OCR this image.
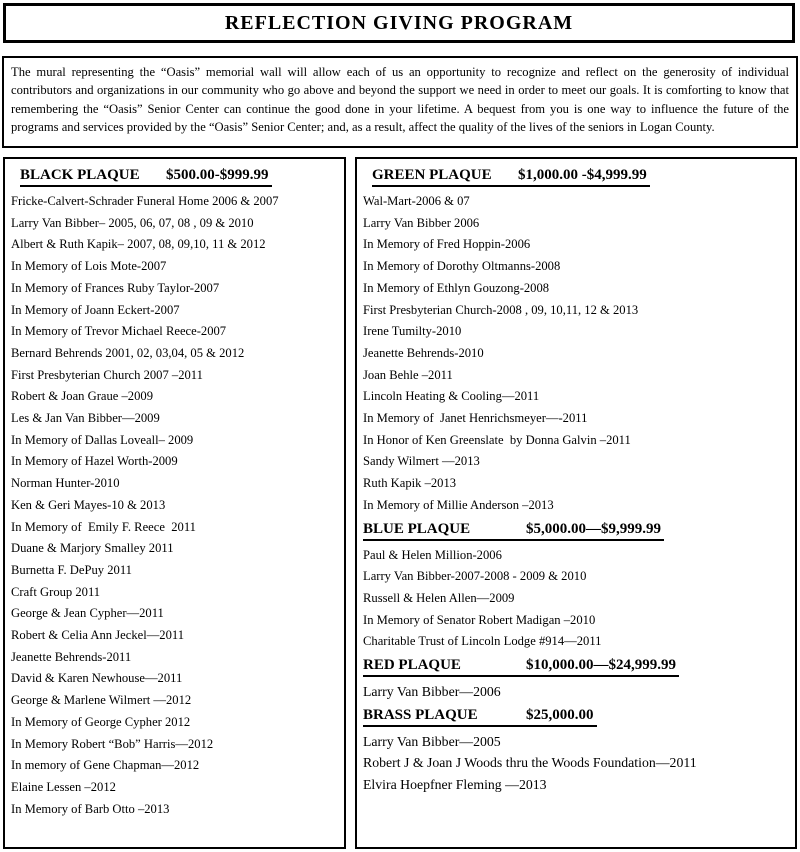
REFLECTION GIVING PROGRAM

The mural representing the “Oasis” memorial wall will allow each of us an opportunity to recognize and reflect on the generosity of individual contributors and organizations in our community who go above and beyond the support we need in order to meet our goals. It is comforting to know that remembering the “Oasis” Senior Center can continue the good done in your lifetime. A bequest from you is one way to influence the future of the programs and services provided by the “Oasis” Senior Center; and, as a result, affect the quality of the lives of the seniors in Logan County.

BLACK PLAQUE	$500.00-$999.99
Fricke-Calvert-Schrader Funeral Home 2006 & 2007
Larry Van Bibber– 2005, 06, 07, 08 , 09 & 2010
Albert & Ruth Kapik– 2007, 08, 09,10, 11 & 2012
In Memory of Lois Mote-2007
In Memory of Frances Ruby Taylor-2007
In Memory of Joann Eckert-2007
In Memory of Trevor Michael Reece-2007
Bernard Behrends 2001, 02, 03,04, 05 & 2012
First Presbyterian Church 2007 –2011
Robert & Joan Graue –2009
Les & Jan Van Bibber—2009
In Memory of Dallas Loveall– 2009
In Memory of Hazel Worth-2009
Norman Hunter-2010
Ken & Geri Mayes-10 & 2013
In Memory of  Emily F. Reece  2011
Duane & Marjory Smalley 2011
Burnetta F. DePuy 2011
Craft Group 2011
George & Jean Cypher—2011
Robert & Celia Ann Jeckel—2011
Jeanette Behrends-2011
David & Karen Newhouse—2011
George & Marlene Wilmert —2012
In Memory of George Cypher 2012
In Memory Robert “Bob” Harris—2012
In memory of Gene Chapman—2012
Elaine Lessen –2012
In Memory of Barb Otto –2013
GREEN PLAQUE	$1,000.00 -$4,999.99
Wal-Mart-2006 & 07
Larry Van Bibber 2006
In Memory of Fred Hoppin-2006
In Memory of Dorothy Oltmanns-2008
In Memory of Ethlyn Gouzong-2008
First Presbyterian Church-2008 , 09, 10,11, 12 & 2013
Irene Tumilty-2010
Jeanette Behrends-2010
Joan Behle –2011
Lincoln Heating & Cooling—2011
In Memory of  Janet Henrichsmeyer—-2011
In Honor of Ken Greenslate  by Donna Galvin –2011
Sandy Wilmert —2013
Ruth Kapik –2013
In Memory of Millie Anderson –2013
BLUE PLAQUE	$5,000.00—$9,999.99
Paul & Helen Million-2006
Larry Van Bibber-2007-2008 - 2009 & 2010
Russell & Helen Allen—2009
In Memory of Senator Robert Madigan –2010
Charitable Trust of Lincoln Lodge #914—2011
RED PLAQUE	$10,000.00—$24,999.99
Larry Van Bibber—2006
BRASS PLAQUE	$25,000.00
Larry Van Bibber—2005
Robert J & Joan J Woods thru the Woods Foundation—2011
Elvira Hoepfner Fleming —2013
